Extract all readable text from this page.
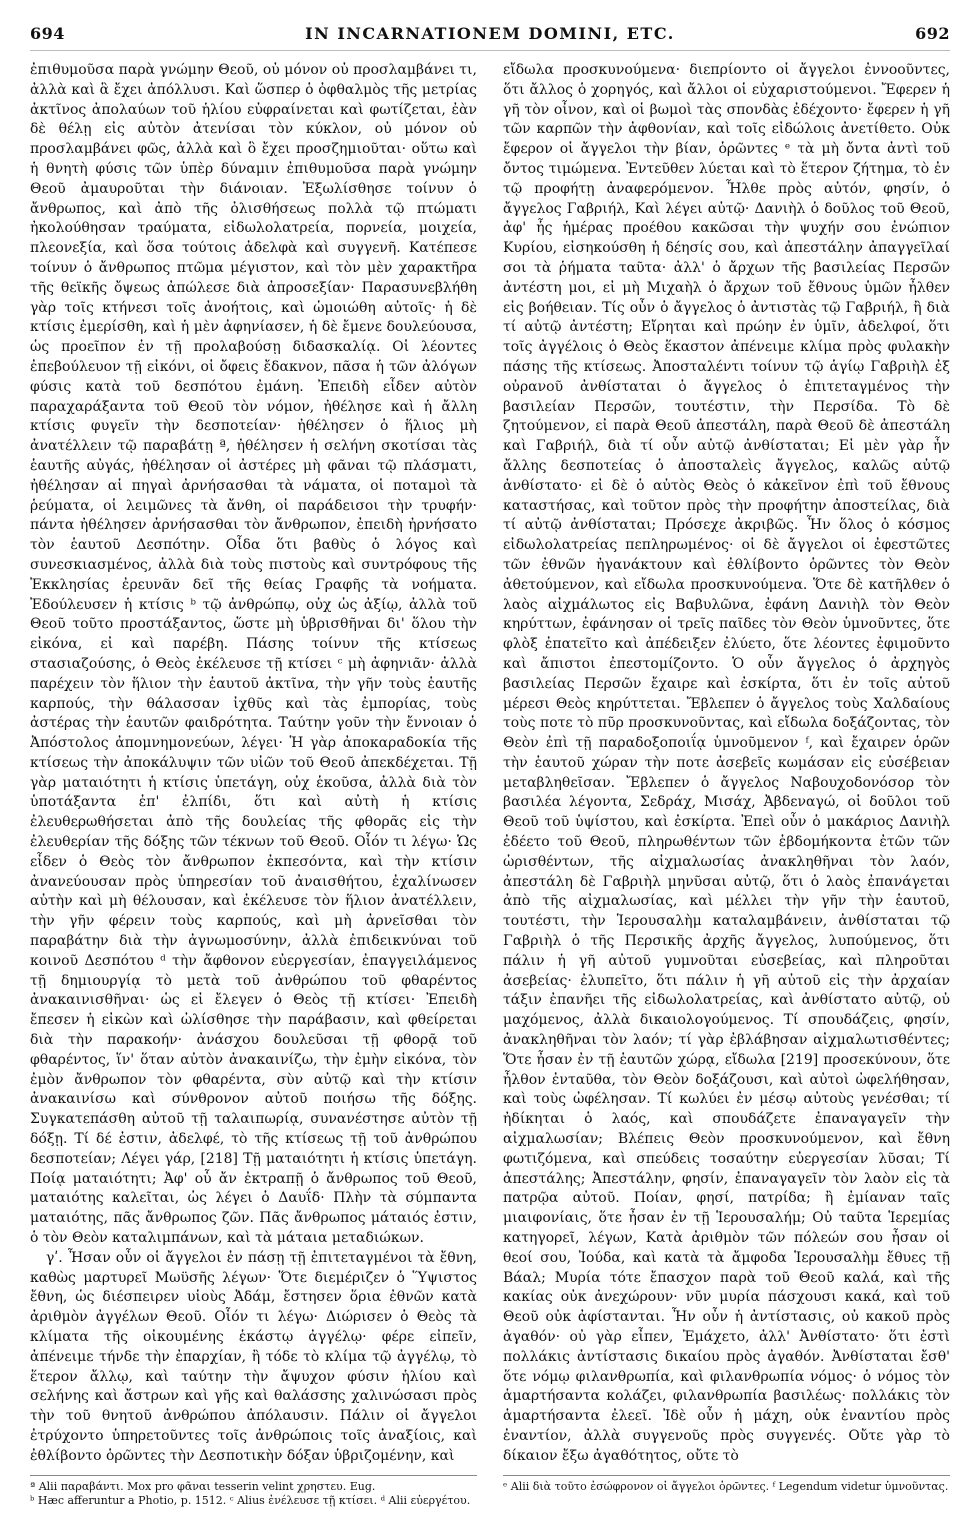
694	IN INCARNATIONEM DOMINI, ETC.	692

ἐπιθυμοῦσα παρὰ γνώμην Θεοῦ, οὐ μόνον οὐ προσλαμβάνει τι, ἀλλὰ καὶ ἃ ἔχει ἀπόλλυσι. Καὶ ὥσπερ ὁ ὀφθαλμὸς τῆς μετρίας ἀκτῖνος ἀπολαύων τοῦ ἡλίου εὐφραίνεται καὶ φωτίζεται, ἐὰν δὲ θέλῃ εἰς αὐτὸν ἀτενίσαι τὸν κύκλον, οὐ μόνον οὐ προσλαμβάνει φῶς, ἀλλὰ καὶ ὃ ἔχει προσζημιοῦται· οὕτω καὶ ἡ θνητὴ φύσις τῶν ὑπὲρ δύναμιν ἐπιθυμοῦσα παρὰ γνώμην Θεοῦ ἀμαυροῦται τὴν διάνοιαν. Ἐξωλίσθησε τοίνυν ὁ ἄνθρωπος, καὶ ἀπὸ τῆς ὀλισθήσεως πολλὰ τῷ πτώματι ἠκολούθησαν τραύματα, εἰδωλολατρεία, πορνεία, μοιχεία, πλεονεξία, καὶ ὅσα τούτοις ἀδελφὰ καὶ συγγενῆ. Κατέπεσε τοίνυν ὁ ἄνθρωπος πτῶμα μέγιστον, καὶ τὸν μὲν χαρακτῆρα τῆς θεϊκῆς ὄψεως ἀπώλεσε διὰ ἀπροσεξίαν· Παρασυνεβλήθη γὰρ τοῖς κτήνεσι τοῖς ἀνοήτοις, καὶ ὡμοιώθη αὐτοῖς· ἡ δὲ κτίσις ἐμερίσθη, καὶ ἡ μὲν ἀφηνίασεν, ἡ δὲ ἔμενε δουλεύουσα, ὡς προεῖπον ἐν τῇ προλαβούσῃ διδασκαλίᾳ. Οἱ λέοντες ἐπεβούλευον τῇ εἰκόνι, οἱ ὄφεις ἔδακνον, πᾶσα ἡ τῶν ἀλόγων φύσις κατὰ τοῦ δεσπότου ἐμάνη. Ἐπειδὴ εἶδεν αὐτὸν παραχαράξαντα τοῦ Θεοῦ τὸν νόμον, ἠθέλησε καὶ ἡ ἄλλη κτίσις φυγεῖν τὴν δεσποτείαν· ἠθέλησεν ὁ ἥλιος μὴ ἀνατέλλειν τῷ παραβάτῃ ª, ἠθέλησεν ἡ σελήνη σκοτίσαι τὰς ἑαυτῆς αὐγάς, ἠθέλησαν οἱ ἀστέρες μὴ φᾶναι τῷ πλάσματι, ἠθέλησαν αἱ πηγαὶ ἀρνήσασθαι τὰ νάματα, οἱ ποταμοὶ τὰ ῥεύματα, οἱ λειμῶνες τὰ ἄνθη, οἱ παράδεισοι τὴν τρυφήν· πάντα ἠθέλησεν ἀρνήσασθαι τὸν ἄνθρωπον, ἐπειδὴ ἠρνήσατο τὸν ἑαυτοῦ Δεσπότην. Οἶδα ὅτι βαθὺς ὁ λόγος καὶ συνεσκιασμένος, ἀλλὰ διὰ τοὺς πιστοὺς καὶ συντρόφους τῆς Ἐκκλησίας ἐρευνᾶν δεῖ τῆς θείας Γραφῆς τὰ νοήματα. Ἐδούλευσεν ἡ κτίσις ᵇ τῷ ἀνθρώπῳ, οὐχ ὡς ἀξίῳ, ἀλλὰ τοῦ Θεοῦ τοῦτο προστάξαντος, ὥστε μὴ ὑβρισθῆναι δι' ὅλου τὴν εἰκόνα, εἰ καὶ παρέβη. Πάσης τοίνυν τῆς κτίσεως στασιαζούσης, ὁ Θεὸς ἐκέλευσε τῇ κτίσει ᶜ μὴ ἀφηνιᾶν· ἀλλὰ παρέχειν τὸν ἥλιον τὴν ἑαυτοῦ ἀκτῖνα, τὴν γῆν τοὺς ἑαυτῆς καρπούς, τὴν θάλασσαν ἰχθῦς καὶ τὰς ἐμπορίας, τοὺς ἀστέρας τὴν ἑαυτῶν φαιδρότητα. Ταύτην γοῦν τὴν ἔννοιαν ὁ Ἀπόστολος ἀπομνημονεύων, λέγει· Ἡ γὰρ ἀποκαραδοκία τῆς κτίσεως τὴν ἀποκάλυψιν τῶν υἱῶν τοῦ Θεοῦ ἀπεκδέχεται. Τῇ γὰρ ματαιότητι ἡ κτίσις ὑπετάγη, οὐχ ἑκοῦσα, ἀλλὰ διὰ τὸν ὑποτάξαντα ἐπ' ἐλπίδι, ὅτι καὶ αὐτὴ ἡ κτίσις ἐλευθερωθήσεται ἀπὸ τῆς δουλείας τῆς φθορᾶς εἰς τὴν ἐλευθερίαν τῆς δόξης τῶν τέκνων τοῦ Θεοῦ. Οἷόν τι λέγω· Ὡς εἶδεν ὁ Θεὸς τὸν ἄνθρωπον ἐκπεσόντα, καὶ τὴν κτίσιν ἀνανεύουσαν πρὸς ὑπηρεσίαν τοῦ ἀναισθήτου, ἐχαλίνωσεν αὐτὴν καὶ μὴ θέλουσαν, καὶ ἐκέλευσε τὸν ἥλιον ἀνατέλλειν, τὴν γῆν φέρειν τοὺς καρπούς, καὶ μὴ ἀρνεῖσθαι τὸν παραβάτην διὰ τὴν ἀγνωμοσύνην, ἀλλὰ ἐπιδεικνύναι τοῦ κοινοῦ Δεσπότου ᵈ τὴν ἄφθονον εὐεργεσίαν, ἐπαγγειλάμενος τῇ δημιουργίᾳ τὸ μετὰ τοῦ ἀνθρώπου τοῦ φθαρέντος ἀνακαινισθῆναι· ὡς εἰ ἔλεγεν ὁ Θεὸς τῇ κτίσει· Ἐπειδὴ ἔπεσεν ἡ εἰκὼν καὶ ὠλίσθησε τὴν παράβασιν, καὶ φθείρεται διὰ τὴν παρακοήν· ἀνάσχου δουλεῦσαι τῇ φθορᾷ τοῦ φθαρέντος, ἵν' ὅταν αὐτὸν ἀνακαινίζω, τὴν ἐμὴν εἰκόνα, τὸν ἐμὸν ἄνθρωπον τὸν φθαρέντα, σὺν αὐτῷ καὶ τὴν κτίσιν ἀνακαινίσω καὶ σύνθρονον αὐτοῦ ποιήσω τῆς δόξης. Συγκατεπάσθη αὐτοῦ τῇ ταλαιπωρίᾳ, συνανέστησε αὐτὸν τῇ δόξῃ. Τί δέ ἐστιν, ἀδελφέ, τὸ τῆς κτίσεως τῇ τοῦ ἀνθρώπου δεσποτείαν; Λέγει γάρ, [218] Τῇ ματαιότητι ἡ κτίσις ὑπετάγη. Ποίᾳ ματαιότητι; Ἀφ' οὗ ἄν ἐκτραπῇ ὁ ἄνθρωπος τοῦ Θεοῦ, ματαιότης καλεῖται, ὡς λέγει ὁ Δαυΐδ· Πλὴν τὰ σύμπαντα ματαιότης, πᾶς ἄνθρωπος ζῶν. Πᾶς ἄνθρωπος μάταιός ἐστιν, ὁ τὸν Θεὸν καταλιμπάνων, καὶ τὰ μάταια μεταδιώκων.

γʹ. Ἦσαν οὖν οἱ ἄγγελοι ἐν πάσῃ τῇ ἐπιτεταγμένοι τὰ ἔθνη, καθὼς μαρτυρεῖ Μωϋσῆς λέγων· Ὅτε διεμέριζεν ὁ Ὕψιστος ἔθνη, ὡς διέσπειρεν υἱοὺς Ἀδάμ, ἔστησεν ὅρια ἐθνῶν κατὰ ἀριθμὸν ἀγγέλων Θεοῦ. Οἷόν τι λέγω· Διώρισεν ὁ Θεὸς τὰ κλίματα τῆς οἰκουμένης ἑκάστῳ ἀγγέλῳ· φέρε εἰπεῖν, ἀπένειμε τήνδε τὴν ἐπαρχίαν, ἢ τόδε τὸ κλίμα τῷ ἀγγέλῳ, τὸ ἕτερον ἄλλῳ, καὶ ταύτην τὴν ἄψυχον φύσιν ἡλίου καὶ σελήνης καὶ ἄστρων καὶ γῆς καὶ θαλάσσης χαλινώσασι πρὸς τὴν τοῦ θνητοῦ ἀνθρώπου ἀπόλαυσιν. Πάλιν οἱ ἄγγελοι ἐτρύχοντο ὑπηρετοῦντες τοῖς ἀνθρώποις τοῖς ἀναξίοις, καὶ ἐθλίβοντο ὁρῶντες τὴν Δεσποτικὴν δόξαν ὑβριζομένην, καὶ

ª Alii παραβάντι. Mox pro φᾶναι tesserin velint χρηστευ. Eug.

ᵇ Hæc afferuntur a Photio, p. 1512. ᶜ Alius ἐνέλευσε τῇ κτίσει. ᵈ Alii εὐεργέτου.

εἴδωλα προσκυνούμενα· διεπρίοντο οἱ ἄγγελοι ἐννοοῦντες, ὅτι ἄλλος ὁ χορηγός, καὶ ἄλλοι οἱ εὐχαριστούμενοι. Ἔφερεν ἡ γῆ τὸν οἶνον, καὶ οἱ βωμοὶ τὰς σπονδὰς ἐδέχοντο· ἔφερεν ἡ γῆ τῶν καρπῶν τὴν ἀφθονίαν, καὶ τοῖς εἰδώλοις ἀνετίθετο. Οὐκ ἔφερον οἱ ἄγγελοι τὴν βίαν, ὁρῶντες ᵉ τὰ μὴ ὄντα ἀντὶ τοῦ ὄντος τιμώμενα. Ἐντεῦθεν λύεται καὶ τὸ ἕτερον ζήτημα, τὸ ἐν τῷ προφήτῃ ἀναφερόμενον. Ἦλθε πρὸς αὐτόν, φησίν, ὁ ἄγγελος Γαβριήλ, Καὶ λέγει αὐτῷ· Δανιὴλ ὁ δοῦλος τοῦ Θεοῦ, ἀφ' ἧς ἡμέρας προέθου κακῶσαι τὴν ψυχήν σου ἐνώπιον Κυρίου, εἰσηκούσθη ἡ δέησίς σου, καὶ ἀπεστάλην ἀπαγγεῖλαί σοι τὰ ῥήματα ταῦτα· ἀλλ' ὁ ἄρχων τῆς βασιλείας Περσῶν ἀντέστη μοι, εἰ μὴ Μιχαὴλ ὁ ἄρχων τοῦ ἔθνους ὑμῶν ἦλθεν εἰς βοήθειαν. Τίς οὖν ὁ ἄγγελος ὁ ἀντιστὰς τῷ Γαβριήλ, ἢ διὰ τί αὐτῷ ἀντέστη; Εἴρηται καὶ πρώην ἐν ὑμῖν, ἀδελφοί, ὅτι τοῖς ἀγγέλοις ὁ Θεὸς ἕκαστον ἀπένειμε κλίμα πρὸς φυλακὴν πάσης τῆς κτίσεως. Ἀποσταλέντι τοίνυν τῷ ἁγίῳ Γαβριὴλ ἐξ οὐρανοῦ ἀνθίσταται ὁ ἄγγελος ὁ ἐπιτεταγμένος τὴν βασιλείαν Περσῶν, τουτέστιν, τὴν Περσίδα. Τὸ δὲ ζητούμενον, εἰ παρὰ Θεοῦ ἀπεστάλη, παρὰ Θεοῦ δὲ ἀπεστάλη καὶ Γαβριήλ, διὰ τί οὖν αὐτῷ ἀνθίσταται; Εἰ μὲν γὰρ ἦν ἄλλης δεσποτείας ὁ ἀποσταλεὶς ἄγγελος, καλῶς αὐτῷ ἀνθίστατο· εἰ δὲ ὁ αὐτὸς Θεὸς ὁ κἀκεῖνον ἐπὶ τοῦ ἔθνους καταστήσας, καὶ τοῦτον πρὸς τὴν προφήτην ἀποστείλας, διὰ τί αὐτῷ ἀνθίσταται; Πρόσεχε ἀκριβῶς. Ἦν ὅλος ὁ κόσμος εἰδωλολατρείας πεπληρωμένος· οἱ δὲ ἄγγελοι οἱ ἐφεστῶτες τῶν ἐθνῶν ἠγανάκτουν καὶ ἐθλίβοντο ὁρῶντες τὸν Θεὸν ἀθετούμενον, καὶ εἴδωλα προσκυνούμενα. Ὅτε δὲ κατῆλθεν ὁ λαὸς αἰχμάλωτος εἰς Βαβυλῶνα, ἐφάνη Δανιὴλ τὸν Θεὸν κηρύττων, ἐφάνησαν οἱ τρεῖς παῖδες τὸν Θεὸν ὑμνοῦντες, ὅτε φλὸξ ἐπατεῖτο καὶ ἀπέδειξεν ἐλύετο, ὅτε λέοντες ἐφιμοῦντο καὶ ἄπιστοι ἐπεστομίζοντο. Ὁ οὖν ἄγγελος ὁ ἀρχηγὸς βασιλείας Περσῶν ἔχαιρε καὶ ἐσκίρτα, ὅτι ἐν τοῖς αὐτοῦ μέρεσι Θεὸς κηρύττεται. Ἔβλεπεν ὁ ἄγγελος τοὺς Χαλδαίους τοὺς ποτε τὸ πῦρ προσκυνοῦντας, καὶ εἴδωλα δοξάζοντας, τὸν Θεὸν ἐπὶ τῇ παραδοξοποιΐᾳ ὑμνοῦμενον ᶠ, καὶ ἔχαιρεν ὁρῶν τὴν ἑαυτοῦ χώραν τὴν ποτε ἀσεβεῖς κωμάσαν εἰς εὐσέβειαν μεταβληθεῖσαν. Ἔβλεπεν ὁ ἄγγελος Ναβουχοδονόσορ τὸν βασιλέα λέγοντα, Σεδράχ, Μισάχ, Ἀβδεναγώ, οἱ δοῦλοι τοῦ Θεοῦ τοῦ ὑψίστου, καὶ ἐσκίρτα. Ἐπεὶ οὖν ὁ μακάριος Δανιὴλ ἐδέετο τοῦ Θεοῦ, πληρωθέντων τῶν ἑβδομήκοντα ἐτῶν τῶν ὡρισθέντων, τῆς αἰχμαλωσίας ἀνακληθῆναι τὸν λαόν, ἀπεστάλη δὲ Γαβριὴλ μηνῦσαι αὐτῷ, ὅτι ὁ λαὸς ἐπανάγεται ἀπὸ τῆς αἰχμαλωσίας, καὶ μέλλει τὴν γῆν τὴν ἑαυτοῦ, τουτέστι, τὴν Ἱερουσαλὴμ καταλαμβάνειν, ἀνθίσταται τῷ Γαβριὴλ ὁ τῆς Περσικῆς ἀρχῆς ἄγγελος, λυπούμενος, ὅτι πάλιν ἡ γῆ αὐτοῦ γυμνοῦται εὐσεβείας, καὶ πληροῦται ἀσεβείας· ἐλυπεῖτο, ὅτι πάλιν ἡ γῆ αὐτοῦ εἰς τὴν ἀρχαίαν τάξιν ἐπανῆει τῆς εἰδωλολατρείας, καὶ ἀνθίστατο αὐτῷ, οὐ μαχόμενος, ἀλλὰ δικαιολογούμενος. Τί σπουδάζεις, φησίν, ἀνακληθῆναι τὸν λαόν; τί γὰρ ἐβλάβησαν αἰχμαλωτισθέντες; Ὅτε ἦσαν ἐν τῇ ἑαυτῶν χώρᾳ, εἴδωλα [219] προσεκύνουν, ὅτε ἦλθον ἐνταῦθα, τὸν Θεὸν δοξάζουσι, καὶ αὐτοὶ ὠφελήθησαν, καὶ τοὺς ὠφέλησαν. Τί κωλύει ἐν μέσῳ αὐτοὺς γενέσθαι; τί ἠδίκηται ὁ λαός, καὶ σπουδάζετε ἐπαναγαγεῖν τὴν αἰχμαλωσίαν; Βλέπεις Θεὸν προσκυνούμενον, καὶ ἔθνη φωτιζόμενα, καὶ σπεύδεις τοσαύτην εὐεργεσίαν λῦσαι; Τί ἀπεστάλης; Ἀπεστάλην, φησίν, ἐπαναγαγεῖν τὸν λαὸν εἰς τὰ πατρῷα αὐτοῦ. Ποίαν, φησί, πατρίδα; ἢ ἐμίαναν ταῖς μιαιφονίαις, ὅτε ἦσαν ἐν τῇ Ἱερουσαλήμ; Οὐ ταῦτα Ἱερεμίας κατηγορεῖ, λέγων, Κατὰ ἀριθμὸν τῶν πόλεών σου ἦσαν οἱ θεοί σου, Ἰούδα, καὶ κατὰ τὰ ἄμφοδα Ἱερουσαλὴμ ἔθυες τῇ Βάαλ; Μυρία τότε ἔπασχον παρὰ τοῦ Θεοῦ καλά, καὶ τῆς κακίας οὐκ ἀνεχώρουν· νῦν μυρία πάσχουσι κακά, καὶ τοῦ Θεοῦ οὐκ ἀφίστανται. Ἦν οὖν ἡ ἀντίστασις, οὐ κακοῦ πρὸς ἀγαθόν· οὐ γὰρ εἶπεν, Ἐμάχετο, ἀλλ' Ἀνθίστατο· ὅτι ἐστὶ πολλάκις ἀντίστασις δικαίου πρὸς ἀγαθόν. Ἀνθίσταται ἔσθ' ὅτε νόμῳ φιλανθρωπία, καὶ φιλανθρωπία νόμος· ὁ νόμος τὸν ἁμαρτήσαντα κολάζει, φιλανθρωπία βασιλέως· πολλάκις τὸν ἁμαρτήσαντα ἐλεεῖ. Ἰδὲ οὖν ἡ μάχη, οὐκ ἐναντίου πρὸς ἐναντίον, ἀλλὰ συγγενοῦς πρὸς συγγενές. Οὔτε γὰρ τὸ δίκαιον ἔξω ἀγαθότητος, οὔτε τὸ

ᵉ Alii διὰ τοῦτο ἐσώφρονον οἱ ἄγγελοι ὁρῶντες. ᶠ Legendum videtur ὑμνοῦντας.
